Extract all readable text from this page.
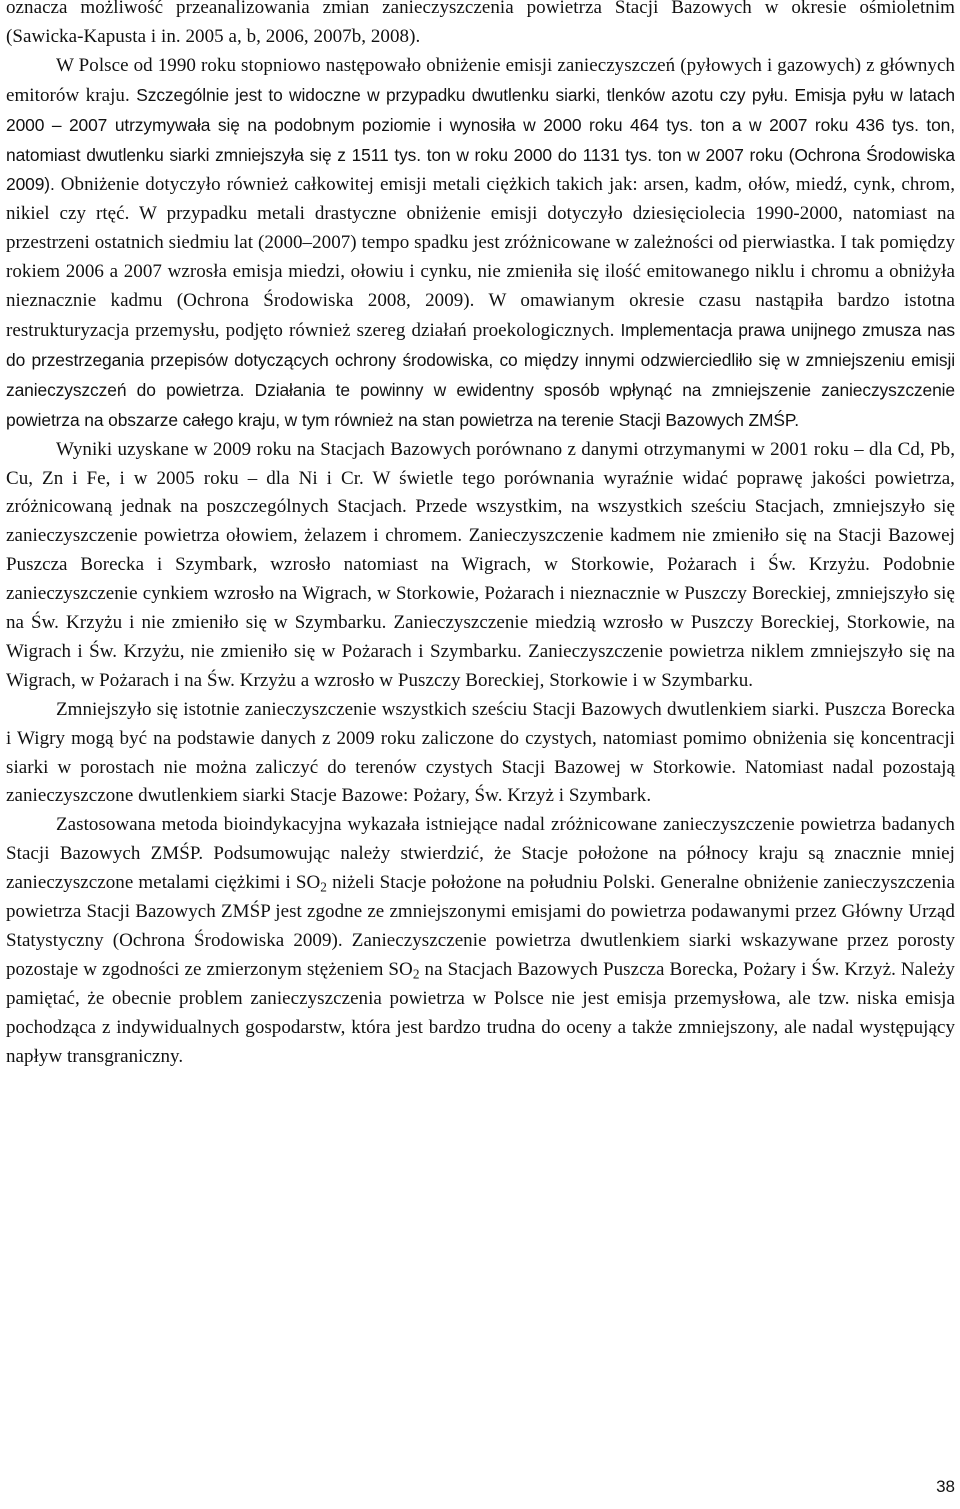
oznacza możliwość przeanalizowania zmian zanieczyszczenia powietrza Stacji Bazowych w okresie ośmioletnim (Sawicka-Kapusta i in. 2005 a, b, 2006, 2007b, 2008).

W Polsce od 1990 roku stopniowo następowało obniżenie emisji zanieczyszczeń (pyłowych i gazowych) z głównych emitorów kraju. Szczególnie jest to widoczne w przypadku dwutlenku siarki, tlenków azotu czy pyłu. Emisja pyłu w latach 2000 – 2007 utrzymywała się na podobnym poziomie i wynosiła w 2000 roku 464 tys. ton a w 2007 roku 436 tys. ton, natomiast dwutlenku siarki zmniejszyła się z 1511 tys. ton w roku 2000 do 1131 tys. ton w 2007 roku (Ochrona Środowiska 2009). Obniżenie dotyczyło również całkowitej emisji metali ciężkich takich jak: arsen, kadm, ołów, miedź, cynk, chrom, nikiel czy rtęć. W przypadku metali drastyczne obniżenie emisji dotyczyło dziesięciolecia 1990-2000, natomiast na przestrzeni ostatnich siedmiu lat (2000–2007) tempo spadku jest zróżnicowane w zależności od pierwiastka. I tak pomiędzy rokiem 2006 a 2007 wzrosła emisja miedzi, ołowiu i cynku, nie zmieniła się ilość emitowanego niklu i chromu a obniżyła nieznacznie kadmu (Ochrona Środowiska 2008, 2009). W omawianym okresie czasu nastąpiła bardzo istotna restrukturyzacja przemysłu, podjęto również szereg działań proekologicznych. Implementacja prawa unijnego zmusza nas do przestrzegania przepisów dotyczących ochrony środowiska, co między innymi odzwierciedliło się w zmniejszeniu emisji zanieczyszczeń do powietrza. Działania te powinny w ewidentny sposób wpłynąć na zmniejszenie zanieczyszczenie powietrza na obszarze całego kraju, w tym również na stan powietrza na terenie Stacji Bazowych ZMŚP.

Wyniki uzyskane w 2009 roku na Stacjach Bazowych porównano z danymi otrzymanymi w 2001 roku – dla Cd, Pb, Cu, Zn i Fe, i w 2005 roku – dla Ni i Cr. W świetle tego porównania wyraźnie widać poprawę jakości powietrza, zróżnicowaną jednak na poszczególnych Stacjach. Przede wszystkim, na wszystkich sześciu Stacjach, zmniejszyło się zanieczyszczenie powietrza ołowiem, żelazem i chromem. Zanieczyszczenie kadmem nie zmieniło się na Stacji Bazowej Puszcza Borecka i Szymbark, wzrosło natomiast na Wigrach, w Storkowie, Pożarach i Św. Krzyżu. Podobnie zanieczyszczenie cynkiem wzrosło na Wigrach, w Storkowie, Pożarach i nieznacznie w Puszczy Boreckiej, zmniejszyło się na Św. Krzyżu i nie zmieniło się w Szymbarku. Zanieczyszczenie miedzią wzrosło w Puszczy Boreckiej, Storkowie, na Wigrach i Św. Krzyżu, nie zmieniło się w Pożarach i Szymbarku. Zanieczyszczenie powietrza niklem zmniejszyło się na Wigrach, w Pożarach i na Św. Krzyżu a wzrosło w Puszczy Boreckiej, Storkowie i w Szymbarku.

Zmniejszyło się istotnie zanieczyszczenie wszystkich sześciu Stacji Bazowych dwutlenkiem siarki. Puszcza Borecka i Wigry mogą być na podstawie danych z 2009 roku zaliczone do czystych, natomiast pomimo obniżenia się koncentracji siarki w porostach nie można zaliczyć do terenów czystych Stacji Bazowej w Storkowie. Natomiast nadal pozostają zanieczyszczone dwutlenkiem siarki Stacje Bazowe: Pożary, Św. Krzyż i Szymbark.

Zastosowana metoda bioindykacyjna wykazała istniejące nadal zróżnicowane zanieczyszczenie powietrza badanych Stacji Bazowych ZMŚP. Podsumowując należy stwierdzić, że Stacje położone na północy kraju są znacznie mniej zanieczyszczone metalami ciężkimi i $SO_2$ niżeli Stacje położone na południu Polski. Generalne obniżenie zanieczyszczenia powietrza Stacji Bazowych ZMŚP jest zgodne ze zmniejszonymi emisjami do powietrza podawanymi przez Główny Urząd Statystyczny (Ochrona Środowiska 2009). Zanieczyszczenie powietrza dwutlenkiem siarki wskazywane przez porosty pozostaje w zgodności ze zmierzonym stężeniem $SO_2$ na Stacjach Bazowych Puszcza Borecka, Pożary i Św. Krzyż. Należy pamiętać, że obecnie problem zanieczyszczenia powietrza w Polsce nie jest emisja przemysłowa, ale tzw. niska emisja pochodząca z indywidualnych gospodarstw, która jest bardzo trudna do oceny a także zmniejszony, ale nadal występujący napływ transgraniczny.

38
